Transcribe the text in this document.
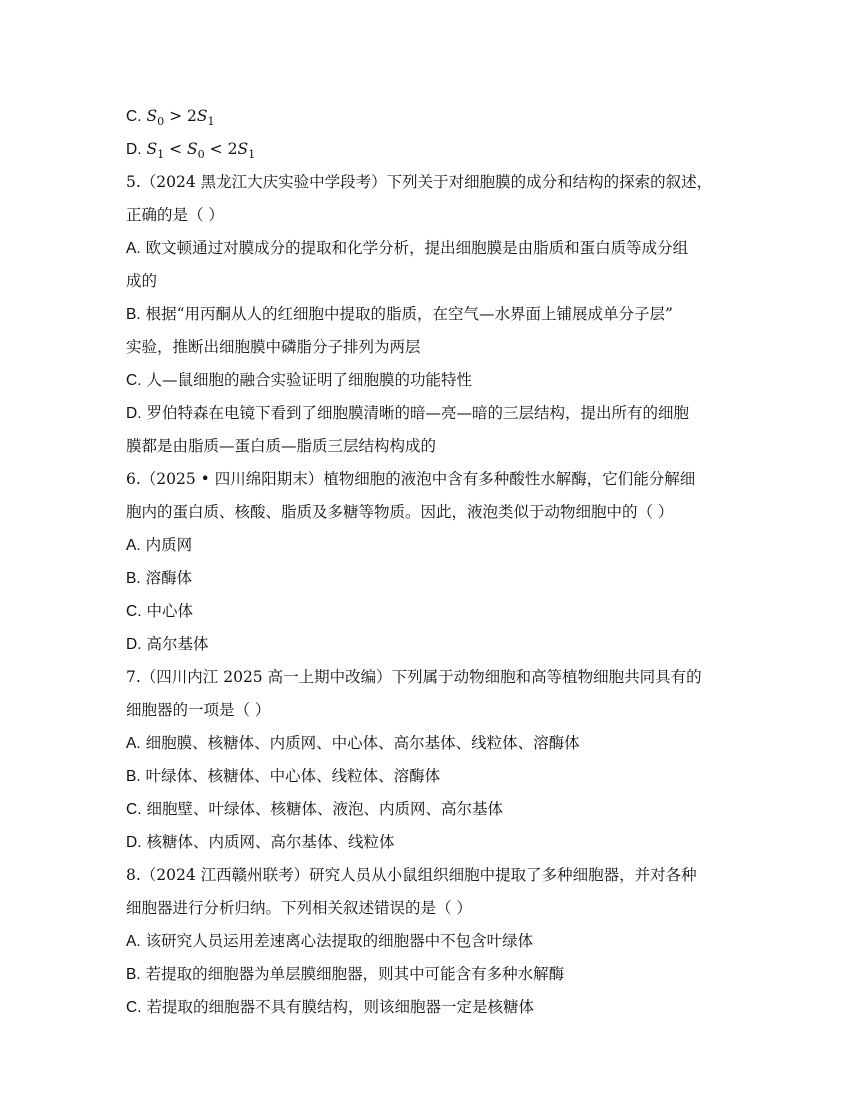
C. $S_0 > 2S_1$
D. $S_1 < S_0 < 2S_1$
5.（2024 黑龙江大庆实验中学段考）下列关于对细胞膜的成分和结构的探索的叙述，
正确的是（ ）
A. 欧文顿通过对膜成分的提取和化学分析，提出细胞膜是由脂质和蛋白质等成分组
成的
B. 根据“用丙酮从人的红细胞中提取的脂质，在空气—水界面上铺展成单分子层”
实验，推断出细胞膜中磷脂分子排列为两层
C. 人—鼠细胞的融合实验证明了细胞膜的功能特性
D. 罗伯特森在电镜下看到了细胞膜清晰的暗—亮—暗的三层结构，提出所有的细胞
膜都是由脂质—蛋白质—脂质三层结构构成的
6.（2025 • 四川绵阳期末）植物细胞的液泡中含有多种酸性水解酶，它们能分解细
胞内的蛋白质、核酸、脂质及多糖等物质。因此，液泡类似于动物细胞中的（ ）
A. 内质网
B. 溶酶体
C. 中心体
D. 高尔基体
7.（四川内江 2025 高一上期中改编）下列属于动物细胞和高等植物细胞共同具有的
细胞器的一项是（ ）
A. 细胞膜、核糖体、内质网、中心体、高尔基体、线粒体、溶酶体
B. 叶绿体、核糖体、中心体、线粒体、溶酶体
C. 细胞壁、叶绿体、核糖体、液泡、内质网、高尔基体
D. 核糖体、内质网、高尔基体、线粒体
8.（2024 江西赣州联考）研究人员从小鼠组织细胞中提取了多种细胞器，并对各种
细胞器进行分析归纳。下列相关叙述错误的是（ ）
A. 该研究人员运用差速离心法提取的细胞器中不包含叶绿体
B. 若提取的细胞器为单层膜细胞器，则其中可能含有多种水解酶
C. 若提取的细胞器不具有膜结构，则该细胞器一定是核糖体
